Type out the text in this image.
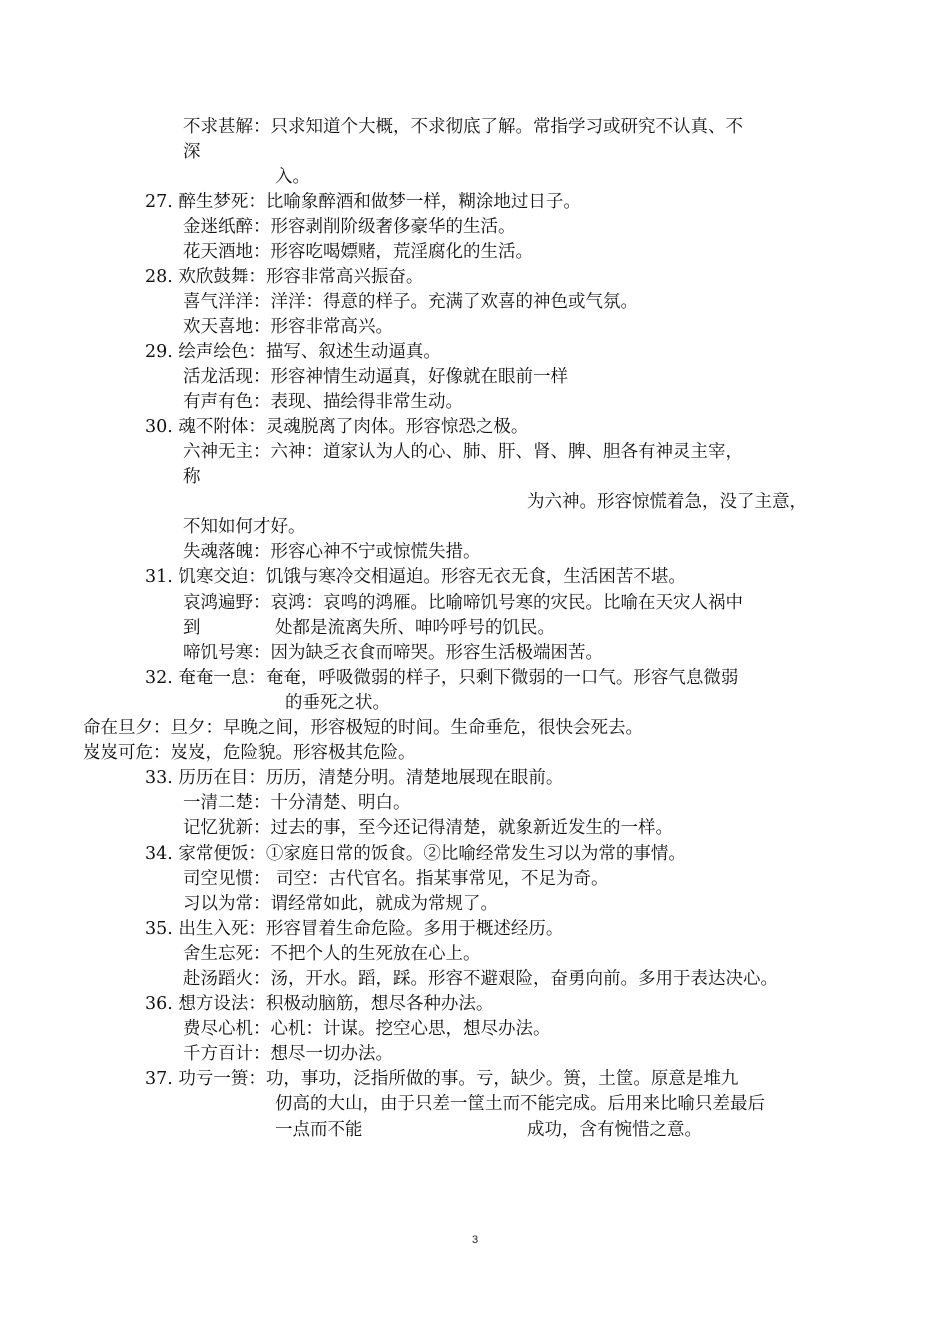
不求甚解：只求知道个大概，不求彻底了解。常指学习或研究不认真、不
深
入。
27. 醉生梦死：比喻象醉酒和做梦一样，糊涂地过日子。
金迷纸醉：形容剥削阶级奢侈豪华的生活。
花天酒地：形容吃喝嫖赌，荒淫腐化的生活。
28. 欢欣鼓舞：形容非常高兴振奋。
喜气洋洋：洋洋：得意的样子。充满了欢喜的神色或气氛。
欢天喜地：形容非常高兴。
29. 绘声绘色：描写、叙述生动逼真。
活龙活现：形容神情生动逼真，好像就在眼前一样
有声有色：表现、描绘得非常生动。
30. 魂不附体：灵魂脱离了肉体。形容惊恐之极。
六神无主：六神：道家认为人的心、肺、肝、肾、脾、胆各有神灵主宰，
称
为六神。形容惊慌着急，没了主意，
不知如何才好。
失魂落魄：形容心神不宁或惊慌失措。
31. 饥寒交迫：饥饿与寒冷交相逼迫。形容无衣无食，生活困苦不堪。
哀鸿遍野：哀鸿：哀鸣的鸿雁。比喻啼饥号寒的灾民。比喻在天灾人祸中
到	处都是流离失所、呻吟呼号的饥民。
啼饥号寒：因为缺乏衣食而啼哭。形容生活极端困苦。
32. 奄奄一息：奄奄，呼吸微弱的样子，只剩下微弱的一口气。形容气息微弱
的垂死之状。
命在旦夕：旦夕：早晚之间，形容极短的时间。生命垂危，很快会死去。
岌岌可危：岌岌，危险貌。形容极其危险。
33. 历历在目：历历，清楚分明。清楚地展现在眼前。
一清二楚：十分清楚、明白。
记忆犹新：过去的事，至今还记得清楚，就象新近发生的一样。
34. 家常便饭：①家庭日常的饭食。②比喻经常发生习以为常的事情。
司空见惯： 司空：古代官名。指某事常见，不足为奇。
习以为常：谓经常如此，就成为常规了。
35. 出生入死：形容冒着生命危险。多用于概述经历。
舍生忘死：不把个人的生死放在心上。
赴汤蹈火：汤，开水。蹈，踩。形容不避艰险，奋勇向前。多用于表达决心。
36. 想方设法：积极动脑筋，想尽各种办法。
费尽心机：心机：计谋。挖空心思，想尽办法。
千方百计：想尽一切办法。
37. 功亏一篑：功，事功，泛指所做的事。亏，缺少。篑，土筐。原意是堆九
仞高的大山，由于只差一筐土而不能完成。后用来比喻只差最后
一点而不能	成功，含有惋惜之意。
3
